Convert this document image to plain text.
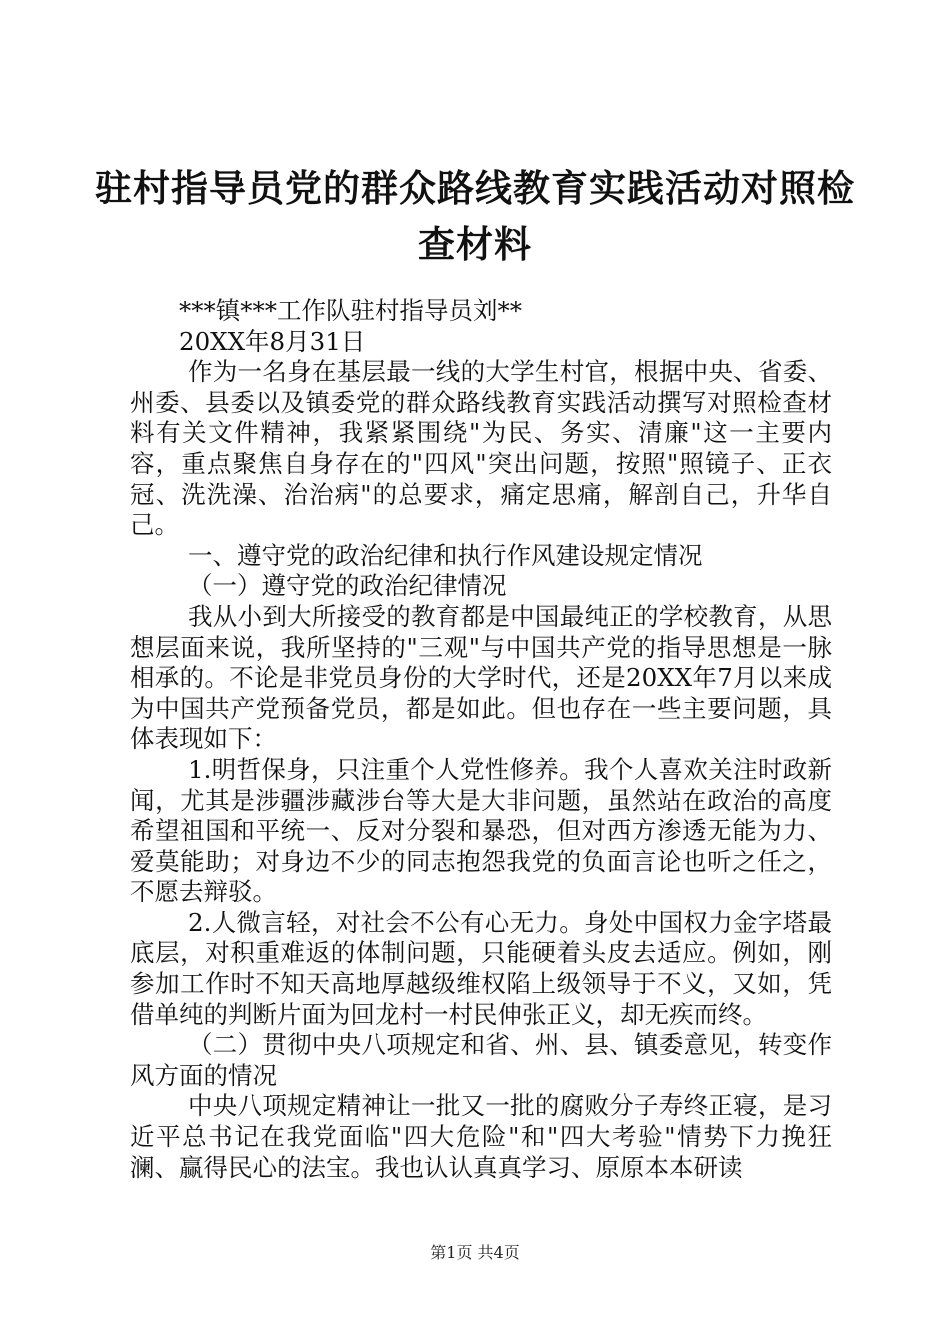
驻村指导员党的群众路线教育实践活动对照检
查材料

***镇***工作队驻村指导员刘**

20XX年8月31日

作为一名身在基层最一线的大学生村官，根据中央、省委、州委、县委以及镇委党的群众路线教育实践活动撰写对照检查材料有关文件精神，我紧紧围绕"为民、务实、清廉"这一主要内容，重点聚焦自身存在的"四风"突出问题，按照"照镜子、正衣冠、洗洗澡、治治病"的总要求，痛定思痛，解剖自己，升华自己。

一、遵守党的政治纪律和执行作风建设规定情况

（一）遵守党的政治纪律情况

我从小到大所接受的教育都是中国最纯正的学校教育，从思想层面来说，我所坚持的"三观"与中国共产党的指导思想是一脉相承的。不论是非党员身份的大学时代，还是20XX年7月以来成为中国共产党预备党员，都是如此。但也存在一些主要问题，具体表现如下：

1.明哲保身，只注重个人党性修养。我个人喜欢关注时政新闻，尤其是涉疆涉藏涉台等大是大非问题，虽然站在政治的高度希望祖国和平统一、反对分裂和暴恐，但对西方渗透无能为力、爱莫能助；对身边不少的同志抱怨我党的负面言论也听之任之，不愿去辩驳。

2.人微言轻，对社会不公有心无力。身处中国权力金字塔最底层，对积重难返的体制问题，只能硬着头皮去适应。例如，刚参加工作时不知天高地厚越级维权陷上级领导于不义，又如，凭借单纯的判断片面为回龙村一村民伸张正义，却无疾而终。

（二）贯彻中央八项规定和省、州、县、镇委意见，转变作风方面的情况

中央八项规定精神让一批又一批的腐败分子寿终正寝，是习近平总书记在我党面临"四大危险"和"四大考验"情势下力挽狂澜、赢得民心的法宝。我也认认真真学习、原原本本研读

第1页 共4页
